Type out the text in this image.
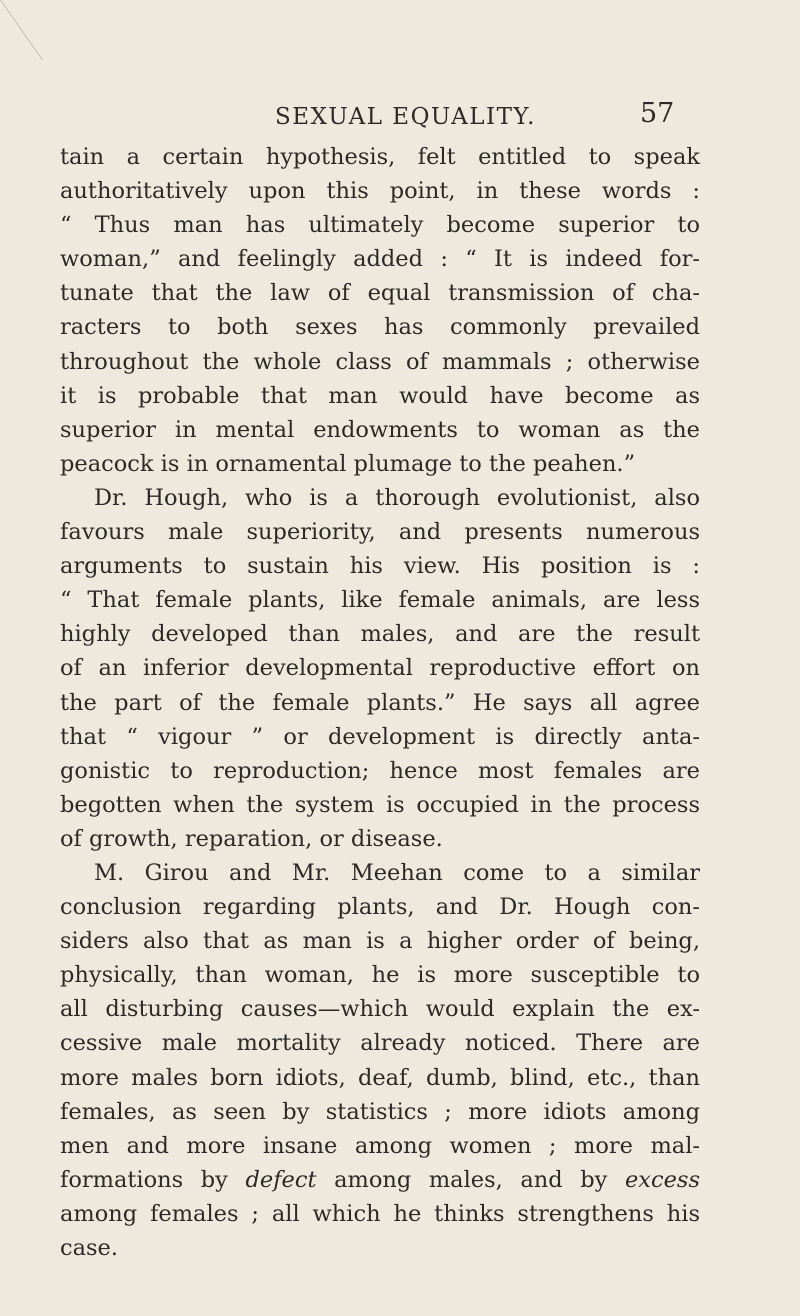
SEXUAL EQUALITY.	57
tain a certain hypothesis, felt entitled to speak
authoritatively upon this point, in these words :
“ Thus man has ultimately become superior to
woman,” and feelingly added : “ It is indeed for-
tunate that the law of equal transmission of cha-
racters to both sexes has commonly prevailed
throughout the whole class of mammals ; otherwise
it is probable that man would have become as
superior in mental endowments to woman as the
peacock is in ornamental plumage to the peahen.”
Dr. Hough, who is a thorough evolutionist, also
favours male superiority, and presents numerous
arguments to sustain his view. His position is :
“ That female plants, like female animals, are less
highly developed than males, and are the result
of an inferior developmental reproductive effort on
the part of the female plants.” He says all agree
that “ vigour ” or development is directly anta-
gonistic to reproduction; hence most females are
begotten when the system is occupied in the process
of growth, reparation, or disease.
M. Girou and Mr. Meehan come to a similar
conclusion regarding plants, and Dr. Hough con-
siders also that as man is a higher order of being,
physically, than woman, he is more susceptible to
all disturbing causes—which would explain the ex-
cessive male mortality already noticed. There are
more males born idiots, deaf, dumb, blind, etc., than
females, as seen by statistics ; more idiots among
men and more insane among women ; more mal-
formations by defect among males, and by excess
among females ; all which he thinks strengthens his
case.
